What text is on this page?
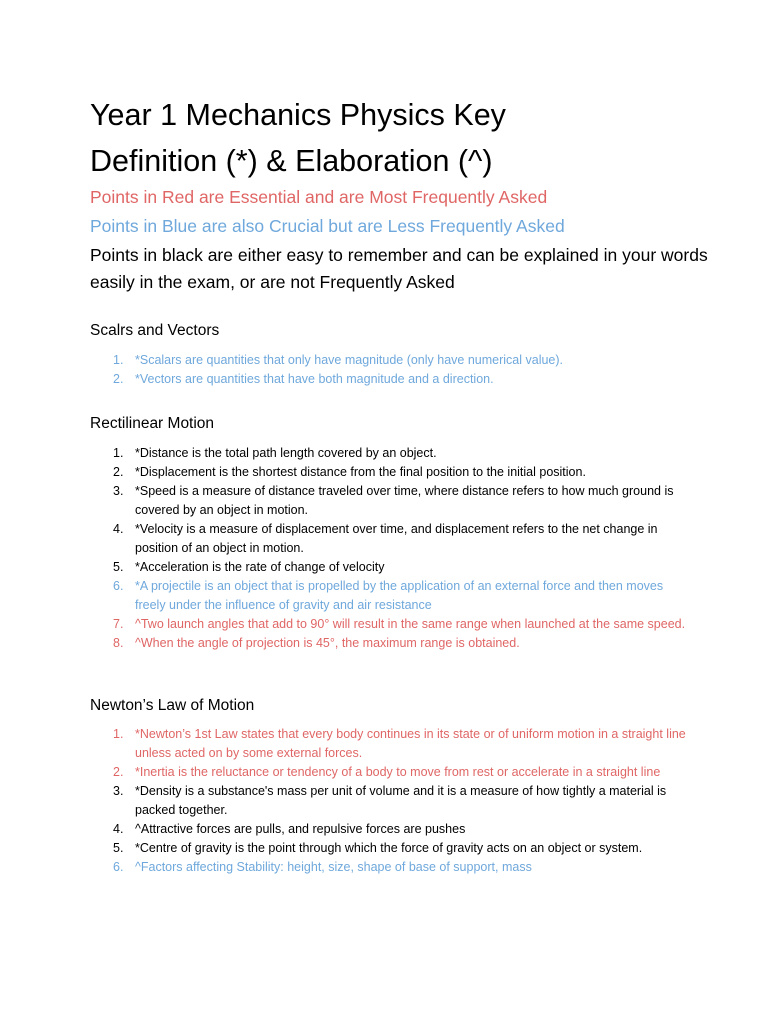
Year 1 Mechanics Physics Key
Definition (*) & Elaboration (^)

Points in Red are Essential and are Most Frequently Asked

Points in Blue are also Crucial but are Less Frequently Asked

Points in black are either easy to remember and can be explained in your words easily in the exam, or are not Frequently Asked

Scalrs and Vectors
1. *Scalars are quantities that only have magnitude (only have numerical value).
2. *Vectors are quantities that have both magnitude and a direction.
Rectilinear Motion
1. *Distance is the total path length covered by an object.
2. *Displacement is the shortest distance from the final position to the initial position.
3. *Speed is a measure of distance traveled over time, where distance refers to how much ground is covered by an object in motion.
4. *Velocity is a measure of displacement over time, and displacement refers to the net change in position of an object in motion.
5. *Acceleration is the rate of change of velocity
6. *A projectile is an object that is propelled by the application of an external force and then moves freely under the influence of gravity and air resistance
7. ^Two launch angles that add to 90° will result in the same range when launched at the same speed.
8. ^When the angle of projection is 45°, the maximum range is obtained.
Newton’s Law of Motion
1. *Newton’s 1st Law states that every body continues in its state or of uniform motion in a straight line unless acted on by some external forces.
2. *Inertia is the reluctance or tendency of a body to move from rest or accelerate in a straight line
3. *Density is a substance's mass per unit of volume and it is a measure of how tightly a material is packed together.
4. ^Attractive forces are pulls, and repulsive forces are pushes
5. *Centre of gravity is the point through which the force of gravity acts on an object or system.
6. ^Factors affecting Stability: height, size, shape of base of support, mass
